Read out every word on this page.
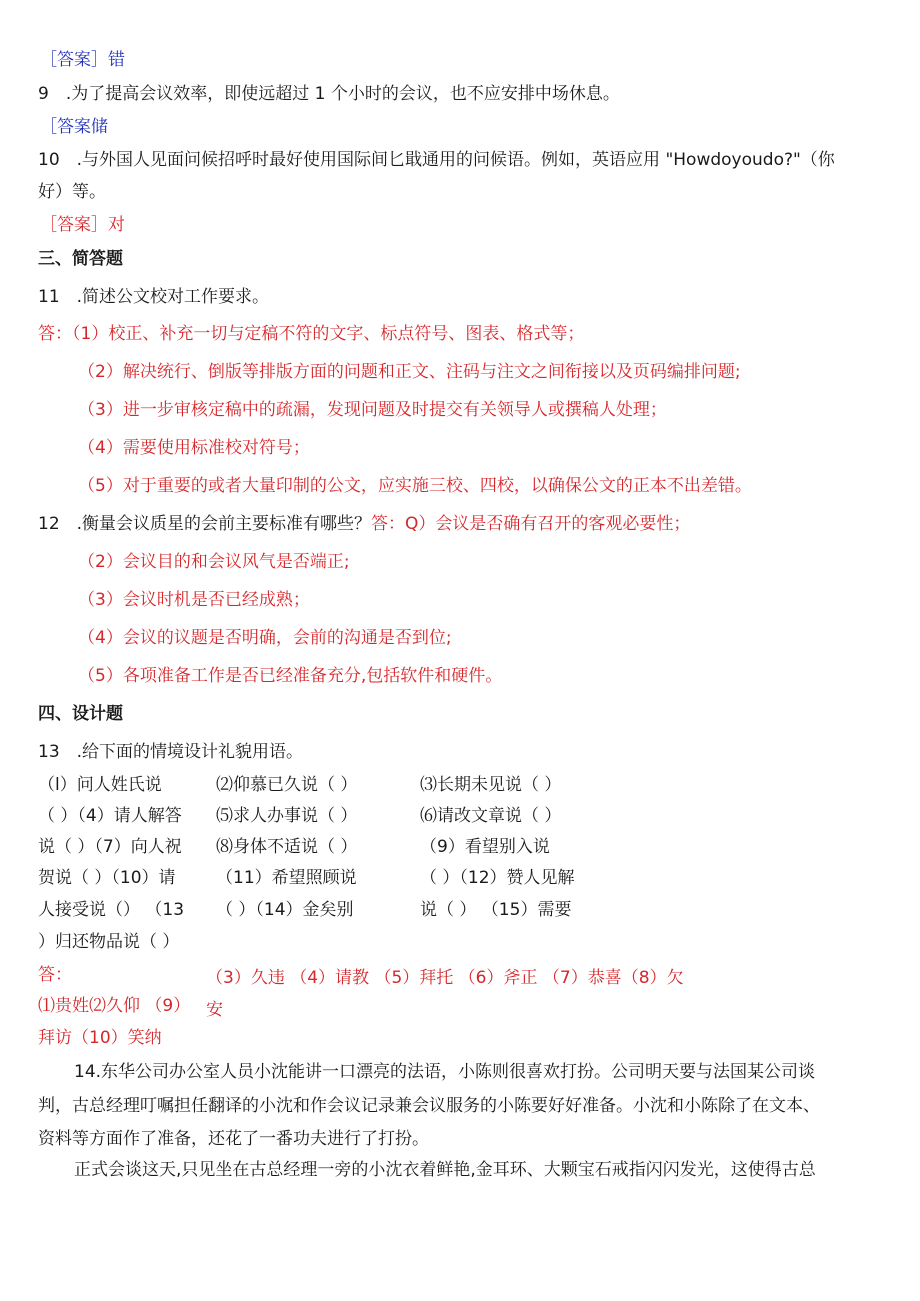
［答案］错
9　.为了提高会议效率，即使远超过 1 个小时的会议，也不应安排中场休息。
［答案储
10　.与外国人见面问候招呼时最好使用国际间匕戢通用的问候语。例如，英语应用 "Howdoyoudo?"（你
好）等。
［答案］对
三、简答题
11　.简述公文校对工作要求。
答：（1）校正、补充一切与定稿不符的文字、标点符号、图表、格式等；
（2）解决统行、倒版等排版方面的问题和正文、注码与注文之间衔接以及页码编排问题;
（3）进一步审核定稿中的疏漏，发现问题及时提交有关领导人或撰稿人处理；
（4）需要使用标准校对符号；
（5）对于重要的或者大量印制的公文，应实施三校、四校，以确保公文的正本不出差错。
12　.衡量会议质星的会前主要标准有哪些？答：Q）会议是否确有召开的客观必要性；
（2）会议目的和会议风气是否端正;
（3）会议时机是否已经成熟；
（4）会议的议题是否明确，会前的沟通是否到位;
（5）各项准备工作是否已经准备充分,包括软件和硬件。
四、设计题
13　.给下面的情境设计礼貌用语。
（l）问人姓氏说
（ ）（4）请人解答
说（ ）（7）向人祝
贺说（ ）（10）请
人接受说（） （13
）归还物品说（ ）
⑵仰慕已久说（ ）
⑸求人办事说（ ）
⑻身体不适说（ ）
（11）希望照顾说
（ ）（14）金矣别
⑶长期未见说（ ）
⑹请改文章说（ ）
（9）看望别入说
（ ）（12）赞人见解
说（ ） （15）需要
答：	（3）久违 （4）请教 （5）拜托 （6）斧正 （7）恭喜（8）欠
⑴贵姓⑵久仰 （9） 安
拜访（10）笑纳
14.东华公司办公室人员小沈能讲一口漂亮的法语，小陈则很喜欢打扮。公司明天要与法国某公司谈
判，古总经理叮嘱担任翻译的小沈和作会议记录兼会议服务的小陈要好好准备。小沈和小陈除了在文本、
资料等方面作了准备，还花了一番功夫进行了打扮。
正式会谈这天,只见坐在古总经理一旁的小沈衣着鲜艳,金耳环、大颗宝石戒指闪闪发光，这使得古总
